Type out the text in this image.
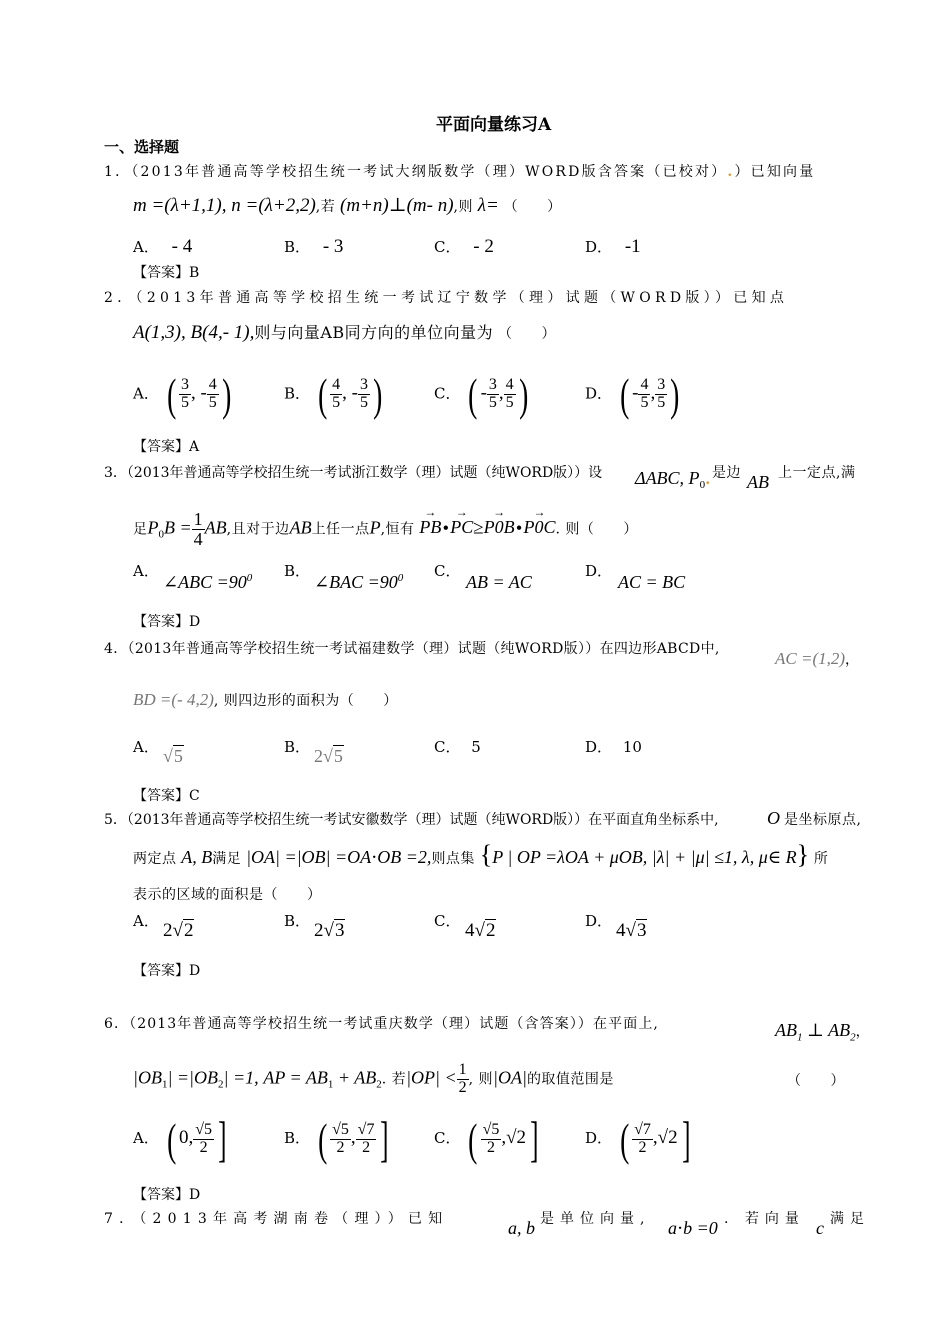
平面向量练习A
一、选择题
1．（2013年普通高等学校招生统一考试大纲版数学（理）WORD版含答案（已校对）.）已知向量
m =(λ+1,1), n =(λ+2,2),若 (m+n)⊥(m- n),则 λ= （　　）
A． - 4	B． - 3	C． - 2	D． -1
【答案】B
2．（2013年普通高等学校招生统一考试辽宁数学（理）试题（WORD版））已知点
A(1,3), B(4,- 1),则与向量AB同方向的单位向量为 （　　）
A． ( $\frac{3}{5}$ , - $\frac{4}{5}$ )	B． ( $\frac{4}{5}$ , - $\frac{3}{5}$ )	C． ( - $\frac{3}{5}$ , $\frac{4}{5}$ )	D． ( - $\frac{4}{5}$ , $\frac{3}{5}$ )
【答案】A
3．（2013年普通高等学校招生统一考试浙江数学（理）试题（纯WORD版））设 ΔABC, $P_0$. 是边 AB 上一定点,满
足$P_0B = \frac{1}{4}$ AB,且对于边AB上任一点P,恒有 → PB•→ PC≥→ P0B•→ P0C. 则（　　）
A．
∠ABC $=90^0$ B．
∠BAC $=90^0$ C．
AB = AC
D．
AC = BC
【答案】D
4．（2013年普通高等学校招生统一考试福建数学（理）试题（纯WORD版））在四边形ABCD中,	AC =(1,2)，
BD =(- 4,2), 则四边形的面积为（　　）
A． √5	B． 2√5	C． 5	D． 10
【答案】C
5．（2013年普通高等学校招生统一考试安徽数学（理）试题（纯WORD版））在平面直角坐标系中,	O 是坐标原点,
两定点 A, B满足 |OA| =|OB| =OA⋅OB =2,则点集 {P | OP =λOA + μOB, |λ| + |μ| ≤1, λ, μ∈ R} 所
表示的区域的面积是（　　）
A． 2√2	B． 2√3	C． 4√2	D． 4√3
【答案】D
6．（2013年普通高等学校招生统一考试重庆数学（理）试题（含答案））在平面上,	$AB_1$ ⊥ $AB_2$，
$|OB_1| =|OB_2| =1$, AP = $AB_1 + AB_2$. 若$|OP| < \frac{1}{2}$ , 则|OA|的取值范围是	（　　）
A． ( 0, $\frac{√5}{2}$ ]	B． ( $\frac{√5}{2}$ , $\frac{√7}{2}$ ]	C． ( $\frac{√5}{2} ,√2$]	D． ( $\frac{√7}{2} ,√2$]
【答案】D
7．（2013年高考湖南卷（理））已知	a, b 是单位向量, a⋅b =0 . 若向量 c 满足
